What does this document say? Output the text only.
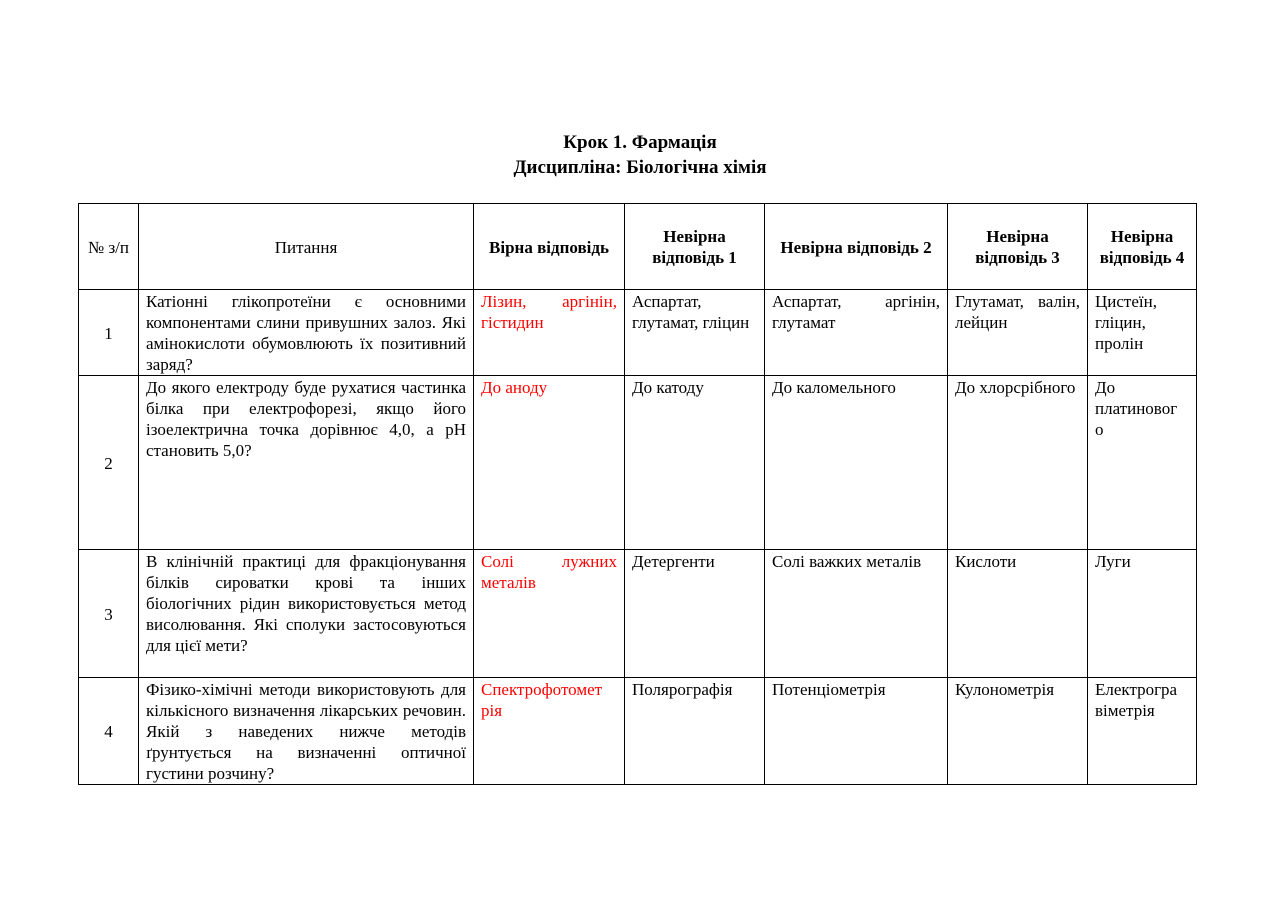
Крок 1. Фармація
Дисципліна: Біологічна хімія
№ з/п	Питання	Вірна відповідь	Невірна відповідь 1	Невірна відповідь 2	Невірна відповідь 3	Невірна відповідь 4
1	Катіонні глікопротеїни є основними компонентами слини привушних залоз. Які амінокислоти обумовлюють їх позитивний заряд?	Лізин, аргінін, гістидин	Аспартат, глутамат, гліцин	Аспартат, аргінін, глутамат	Глутамат, валін, лейцин	Цистеїн, гліцин, пролін
2	До якого електроду буде рухатися частинка білка при електрофорезі, якщо його ізоелектрична точка дорівнює 4,0, а pH становить 5,0?	До аноду	До катоду	До каломельного	До хлорсрібного	До платиновог о
3	В клінічній практиці для фракціонування білків сироватки крові та інших біологічних рідин використовується метод висолювання. Які сполуки застосовуються для цієї мети?	Солі лужних металів	Детергенти	Солі важких металів	Кислоти	Луги
4	Фізико-хімічні методи використовують для кількісного визначення лікарських речовин. Якій з наведених нижче методів ґрунтується на визначенні оптичної густини розчину?	Спектрофотомет рія	Полярографія	Потенціометрія	Кулонометрія	Електрогра віметрія
